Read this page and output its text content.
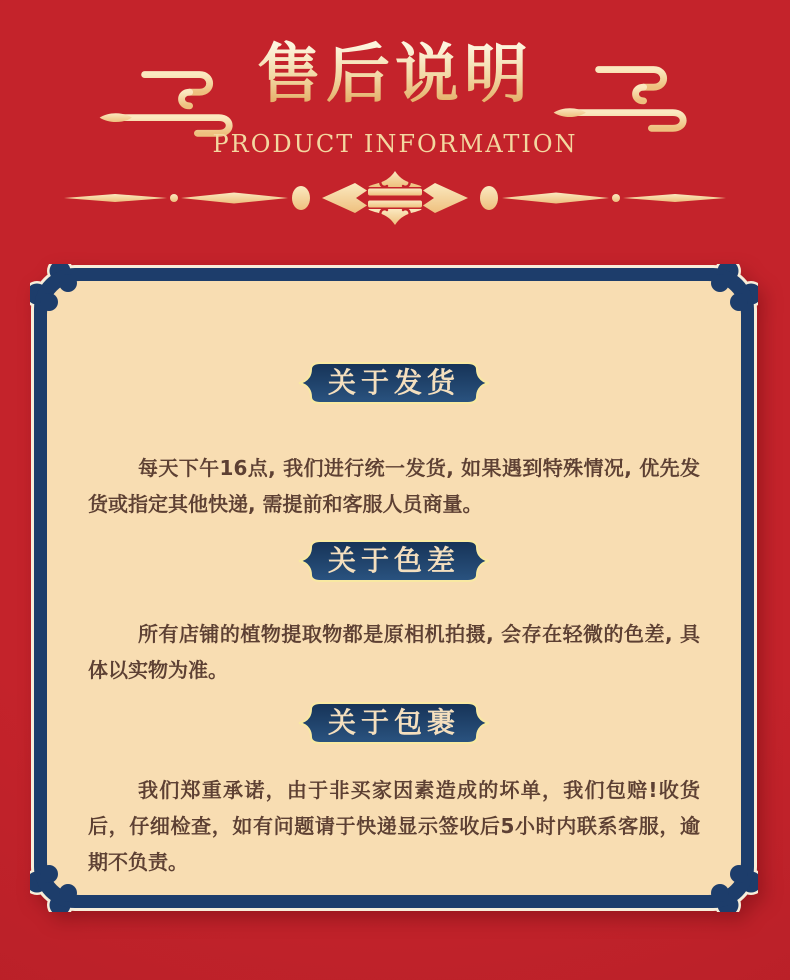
售后说明
PRODUCT INFORMATION
关于发货

每天下午16点, 我们进行统一发货, 如果遇到特殊情况, 优先发货或指定其他快递, 需提前和客服人员商量。

关于色差

所有店铺的植物提取物都是原相机拍摄, 会存在轻微的色差, 具体以实物为准。

关于包裹

我们郑重承诺，由于非买家因素造成的坏单，我们包赔!收货后，仔细检查，如有问题请于快递显示签收后5小时内联系客服，逾期不负责。
